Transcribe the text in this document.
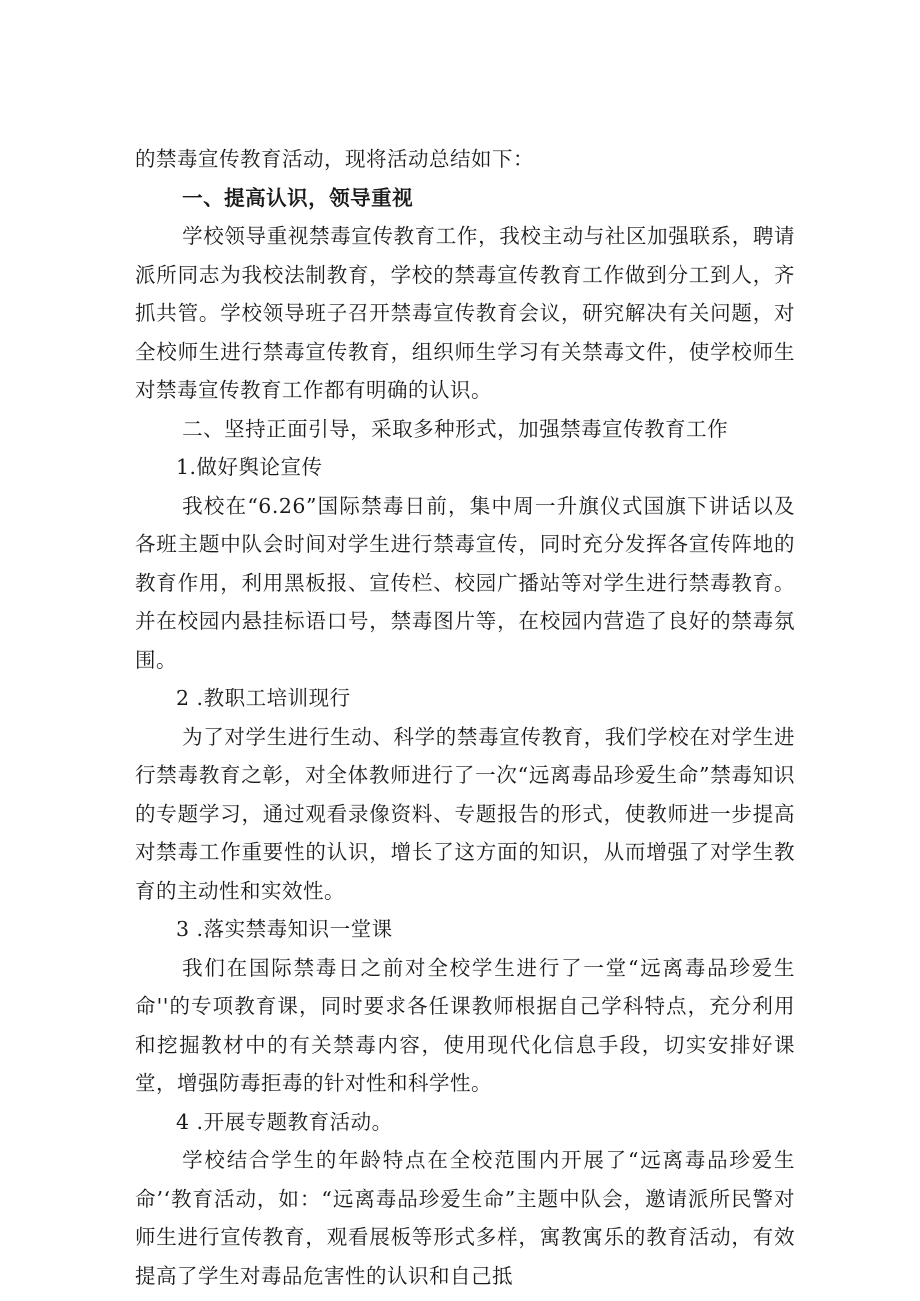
的禁毒宣传教育活动，现将活动总结如下：

一、提高认识，领导重视

学校领导重视禁毒宣传教育工作，我校主动与社区加强联系，聘请派所同志为我校法制教育，学校的禁毒宣传教育工作做到分工到人，齐抓共管。学校领导班子召开禁毒宣传教育会议，研究解决有关问题，对全校师生进行禁毒宣传教育，组织师生学习有关禁毒文件，使学校师生对禁毒宣传教育工作都有明确的认识。

二、坚持正面引导，采取多种形式，加强禁毒宣传教育工作

1.做好舆论宣传

我校在“6.26”国际禁毒日前，集中周一升旗仪式国旗下讲话以及各班主题中队会时间对学生进行禁毒宣传，同时充分发挥各宣传阵地的教育作用，利用黑板报、宣传栏、校园广播站等对学生进行禁毒教育。并在校园内悬挂标语口号，禁毒图片等，在校园内营造了良好的禁毒氛围。

2 .教职工培训现行

为了对学生进行生动、科学的禁毒宣传教育，我们学校在对学生进行禁毒教育之彰，对全体教师进行了一次“远离毒品珍爱生命”禁毒知识的专题学习，通过观看录像资料、专题报告的形式，使教师进一步提高对禁毒工作重要性的认识，增长了这方面的知识，从而增强了对学生教育的主动性和实效性。

3 .落实禁毒知识一堂课

我们在国际禁毒日之前对全校学生进行了一堂“远离毒品珍爱生命''的专项教育课，同时要求各任课教师根据自己学科特点，充分利用和挖掘教材中的有关禁毒内容，使用现代化信息手段，切实安排好课堂，增强防毒拒毒的针对性和科学性。

4 .开展专题教育活动。

学校结合学生的年龄特点在全校范围内开展了“远离毒品珍爱生命’‘教育活动，如：“远离毒品珍爱生命”主题中队会，邀请派所民警对师生进行宣传教育，观看展板等形式多样，寓教寓乐的教育活动，有效提高了学生对毒品危害性的认识和自己抵
